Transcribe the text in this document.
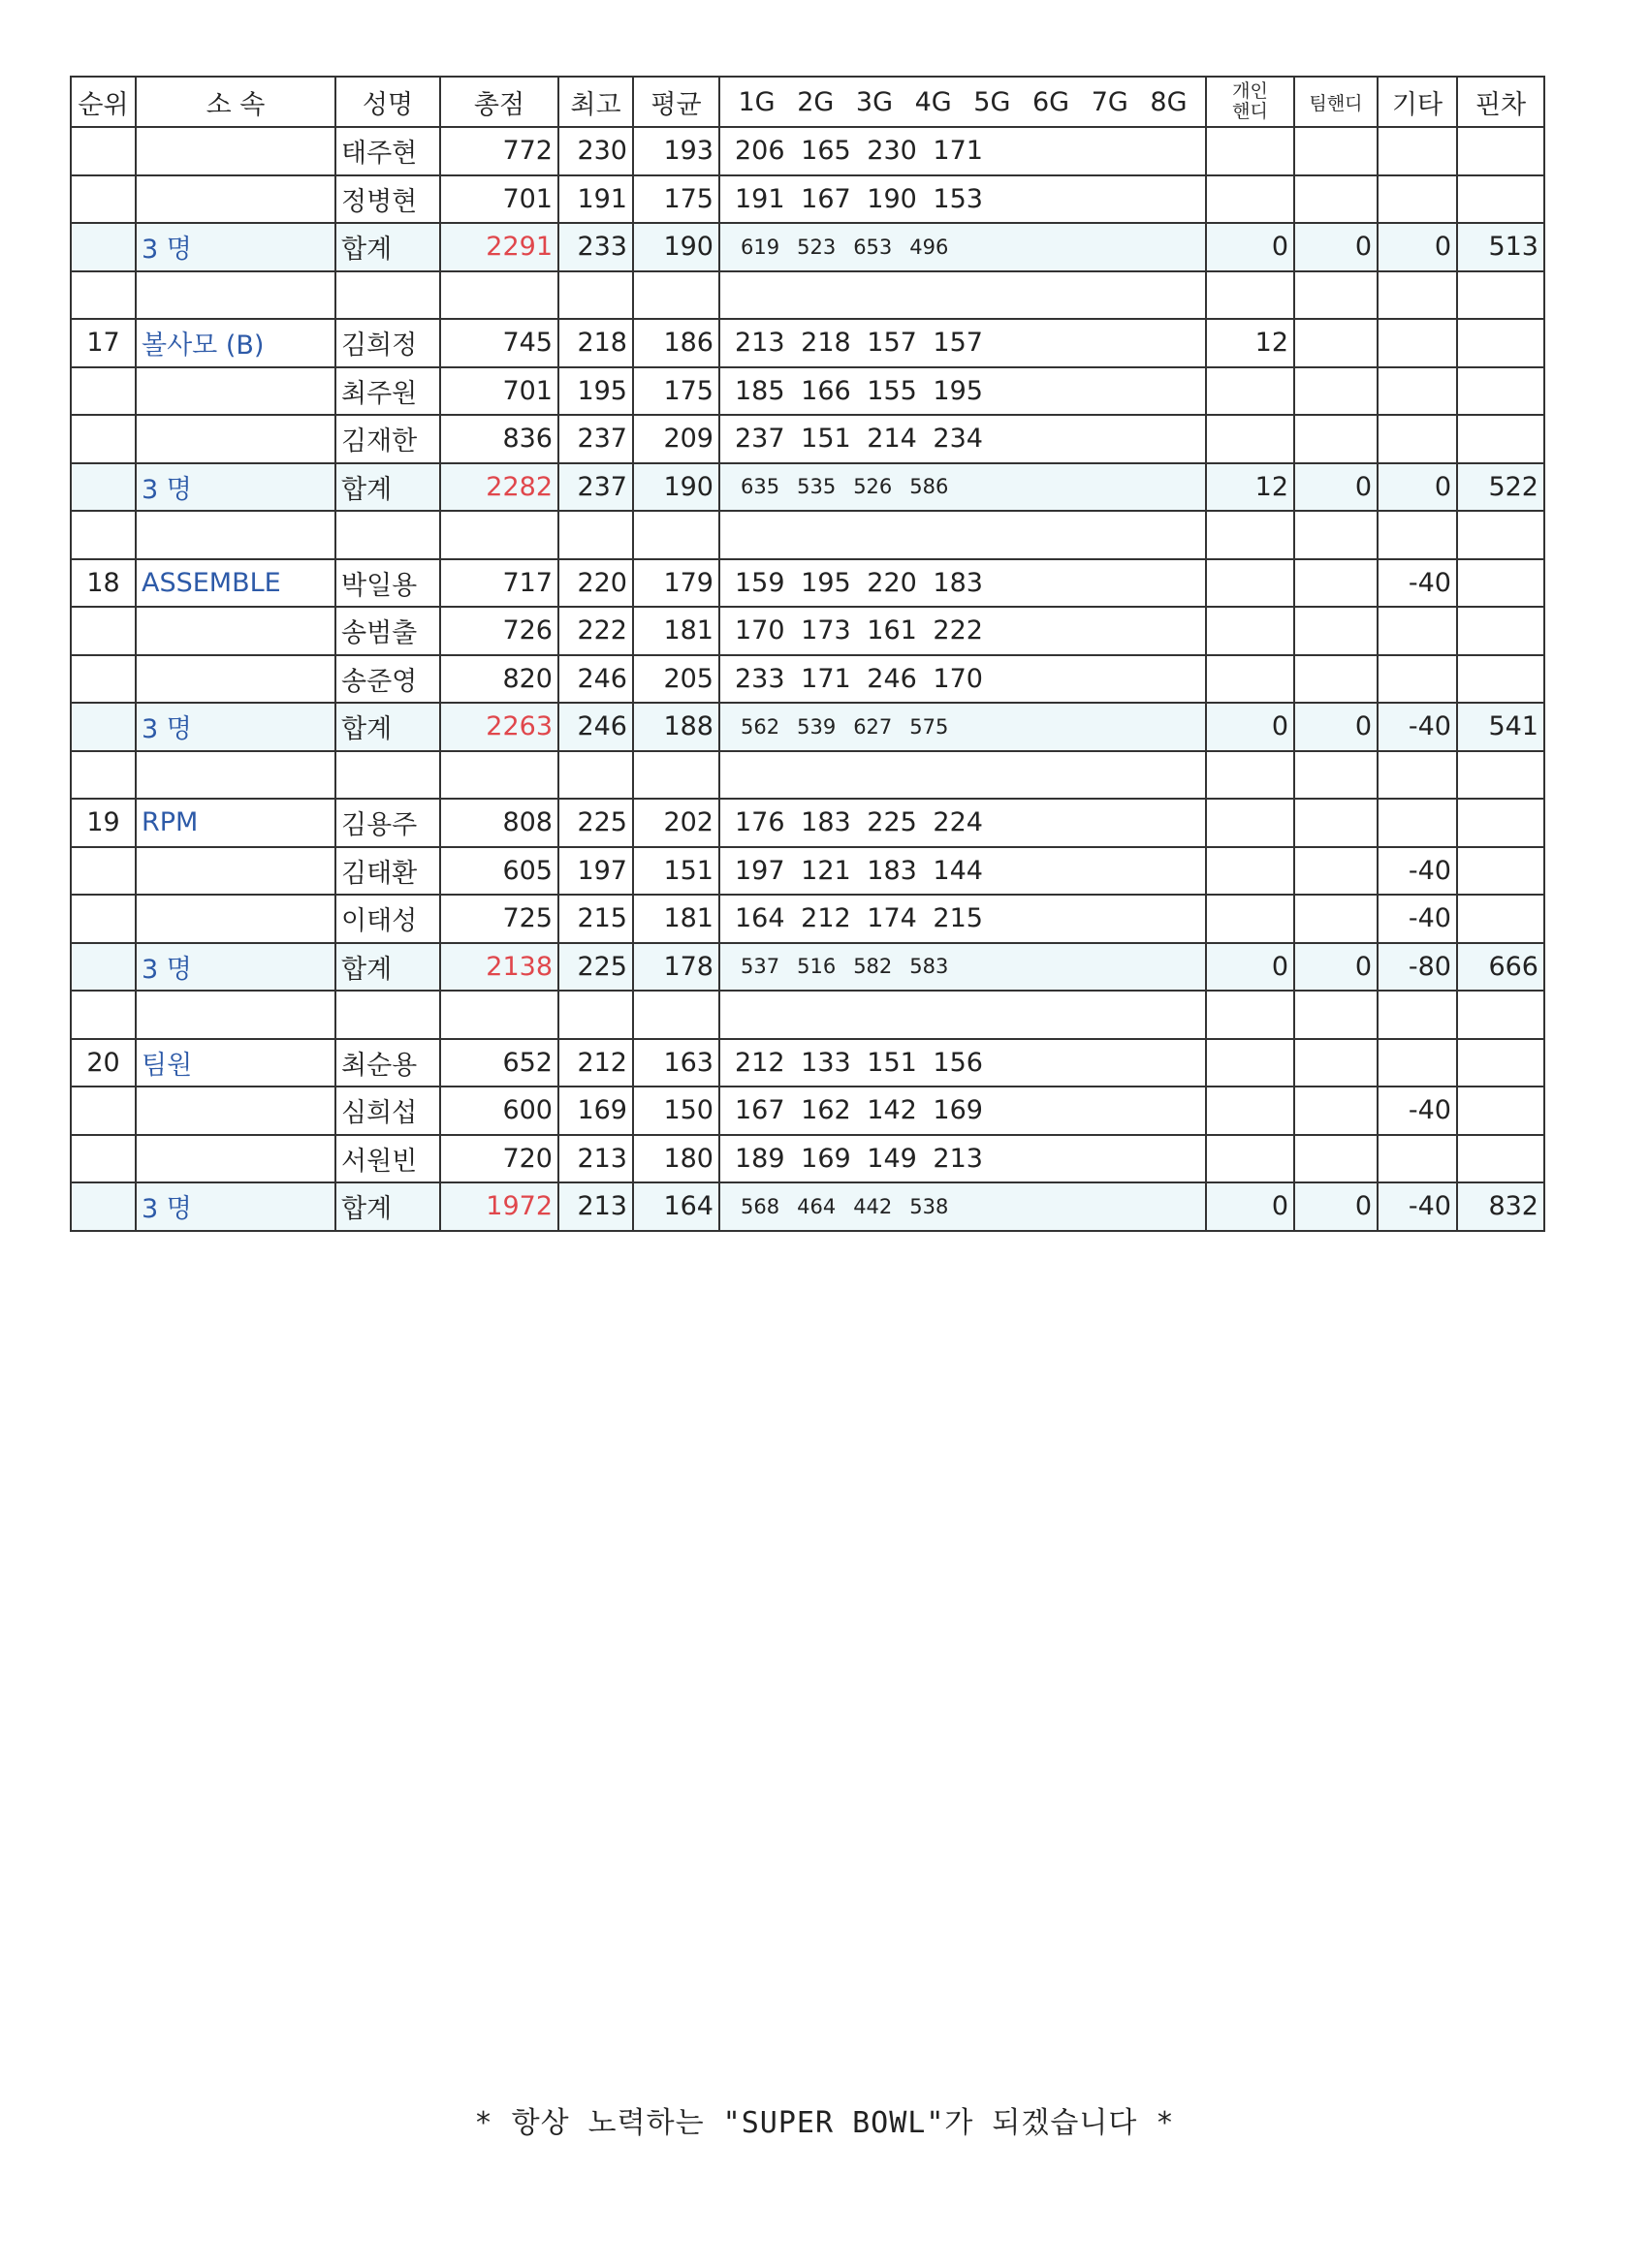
순위	소 속	성명	총점	최고	평균	1G 2G 3G 4G 5G 6G 7G 8G	개인
핸디	팀핸디	기타	핀차
		태주현	772	230	193	206 165 230 171				

		정병현	701	191	175	191 167 190 153				

	3 명	합계	2291	233	190	619 523 653 496	0	0	0	513

17	볼사모 (B)	김희정	745	218	186	213 218 157 157	12			
		최주원	701	195	175	185 166 155 195				

		김재한	836	237	209	237 151 214 234				

	3 명	합계	2282	237	190	635 535 526 586	12	0	0	522

18	ASSEMBLE	박일용	717	220	179	159 195 220 183			-40	
		송범출	726	222	181	170 173 161 222				

		송준영	820	246	205	233 171 246 170				

	3 명	합계	2263	246	188	562 539 627 575	0	0	-40	541

19	RPM	김용주	808	225	202	176 183 225 224				

		김태환	605	197	151	197 121 183 144			-40	
		이태성	725	215	181	164 212 174 215			-40	
	3 명	합계	2138	225	178	537 516 582 583	0	0	-80	666

20	팀원	최순용	652	212	163	212 133 151 156				

		심희섭	600	169	150	167 162 142 169			-40	
		서원빈	720	213	180	189 169 149 213				

	3 명	합계	1972	213	164	568 464 442 538	0	0	-40	832
* 항상 노력하는 "SUPER BOWL"가 되겠습니다 *
